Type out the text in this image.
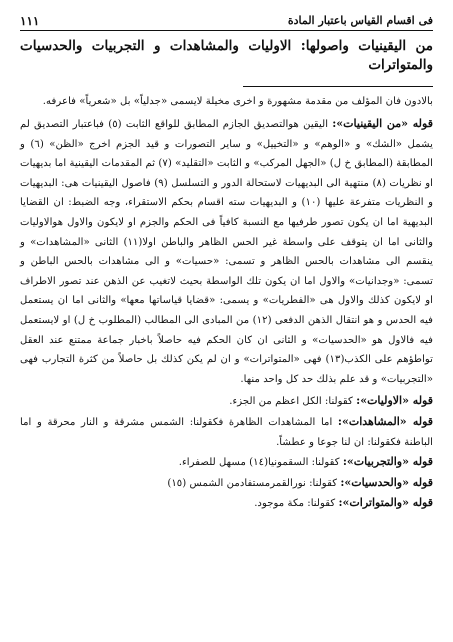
فى اقسام القياس باعتبار المادة
١١١
من اليقينيات واصولها: الاوليات والمشاهدات و التجربيات والحدسيات والمتواترات

بالادون فان المؤلف من مقدمة مشهورة و اخرى مخيلة لايسمى «جدلياً» بل «شعرياً» فاعرفه.

قوله «من اليقينيات»: اليقين هوالتصديق الجازم المطابق للواقع الثابت (٥) فباعتبار التصديق لم يشمل «الشك» و «الوهم» و «التخييل» و ساير التصورات و قيد الجزم اخرج «الظن» (٦) و المطابقة (المطابق خ ل) «الجهل المركب» و الثابت «التقليد» (٧) ثم المقدمات اليقينية اما بديهيات او نظريات (٨) منتهية الى البديهيات لاستحالة الدور و التسلسل (٩) فاصول اليقينيات هى: البديهيات و النظريات متفرعة عليها (١٠) و البديهيات سته اقسام بحكم الاستقراء، وجه الضبط: ان القضايا البديهية اما ان يكون تصور طرفيها مع النسبة كافياً فى الحكم والجزم او لايكون والاول هوالاوليات والثانى اما ان يتوقف على واسطة غير الحس الظاهر والباطن اولا(١١) الثانى «المشاهدات» و ينقسم الى مشاهدات بالحس الظاهر و تسمى: «حسيات» و الى مشاهدات بالحس الباطن و تسمى: «وجدانيات» والاول اما ان يكون تلك الواسطة بحيث لاتغيب عن الذهن عند تصور الاطراف او لايكون كذلك والاول هى «الفطريات» و يسمى: «قضايا قياساتها معها» والثانى اما ان يستعمل فيه الحدس و هو انتقال الذهن الدفعى (١٢) من المبادى الى المطالب (المطلوب خ ل) او لايستعمل فيه فالاول هو «الحدسيات» و الثانى ان كان الحكم فيه حاصلاً باخبار جماعة ممتنع عند العقل تواطؤهم على الكذب(١٣) فهى «المتواترات» و ان لم يكن كذلك بل حاصلاً من كثرة التجارب فهى «التجربيات» و قد علم بذلك حد كل واحد منها.

قوله «الاوليات»: كقولنا: الكل اعظم من الجزء.
قوله «المشاهدات»: اما المشاهدات الظاهرة فكقولنا: الشمس مشرقة و النار محرقة و اما الباطنة فكقولنا: ان لنا جوعا و عطشاً.
قوله «والتجربيات»: كقولنا: السقمونيا(١٤) مسهل للصفراء.
قوله «والحدسيات»: كقولنا: نورالقمرمستفادمن الشمس (١٥)
قوله «والمتواترات»: كقولنا: مكة موجود.
